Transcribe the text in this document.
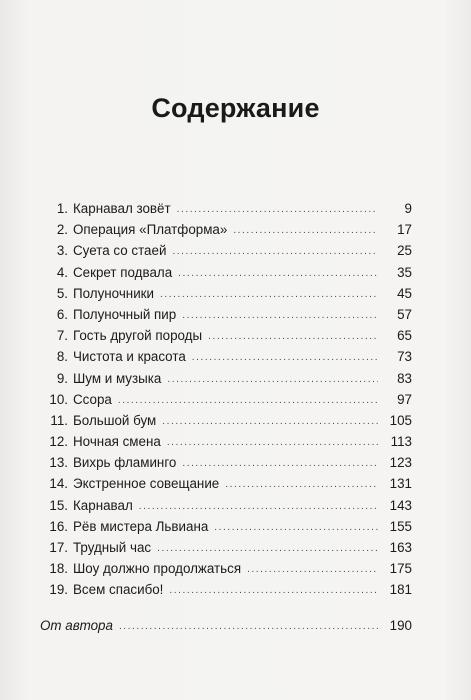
Содержание
1. Карнавал зовёт . . .	9
2. Операция «Платформа» . . .	17
3. Суета со стаей . . .	25
4. Секрет подвала . . .	35
5. Полуночники . . .	45
6. Полуночный пир . . .	57
7. Гость другой породы . . .	65
8. Чистота и красота . . .	73
9. Шум и музыка . . .	83
10. Ссора . . .	97
11. Большой бум . . .	105
12. Ночная смена . . .	113
13. Вихрь фламинго . . .	123
14. Экстренное совещание . . .	131
15. Карнавал . . .	143
16. Рёв мистера Львиана . . .	155
17. Трудный час . . .	163
18. Шоу должно продолжаться . . .	175
19. Всем спасибо! . . .	181
От автора . . .	190
